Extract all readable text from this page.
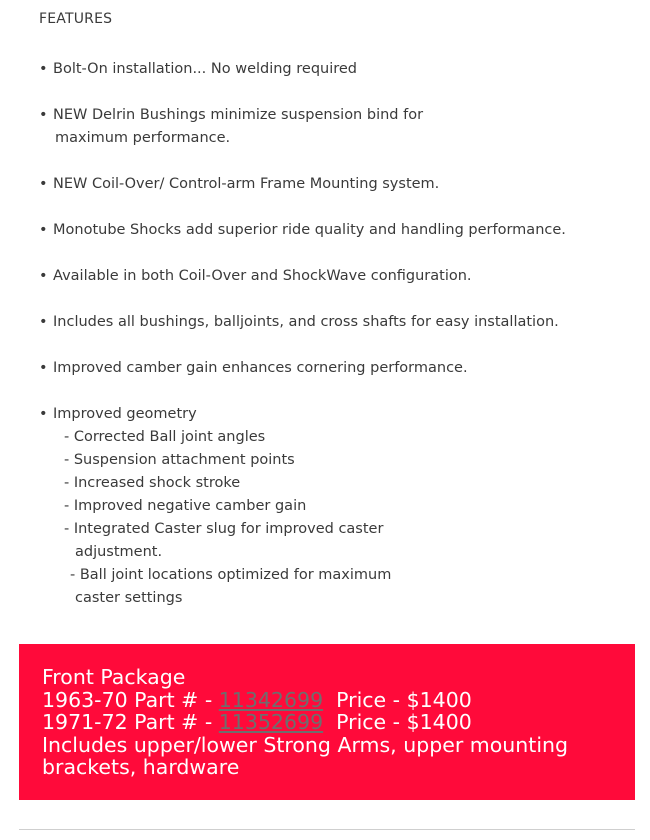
FEATURES
• Bolt-On installation... No welding required
• NEW Delrin Bushings minimize suspension bind for
maximum performance.
• NEW Coil-Over/ Control-arm Frame Mounting system.
• Monotube Shocks add superior ride quality and handling performance.
• Available in both Coil-Over and ShockWave configuration.
• Includes all bushings, balljoints, and cross shafts for easy installation.
• Improved camber gain enhances cornering performance.
• Improved geometry
- Corrected Ball joint angles
- Suspension attachment points
- Increased shock stroke
- Improved negative camber gain
- Integrated Caster slug for improved caster
adjustment.
- Ball joint locations optimized for maximum
caster settings
Front Package
1963-70 Part # - 11342699  Price - $1400
1971-72 Part # - 11352699  Price - $1400
Includes upper/lower Strong Arms, upper mounting brackets, hardware
